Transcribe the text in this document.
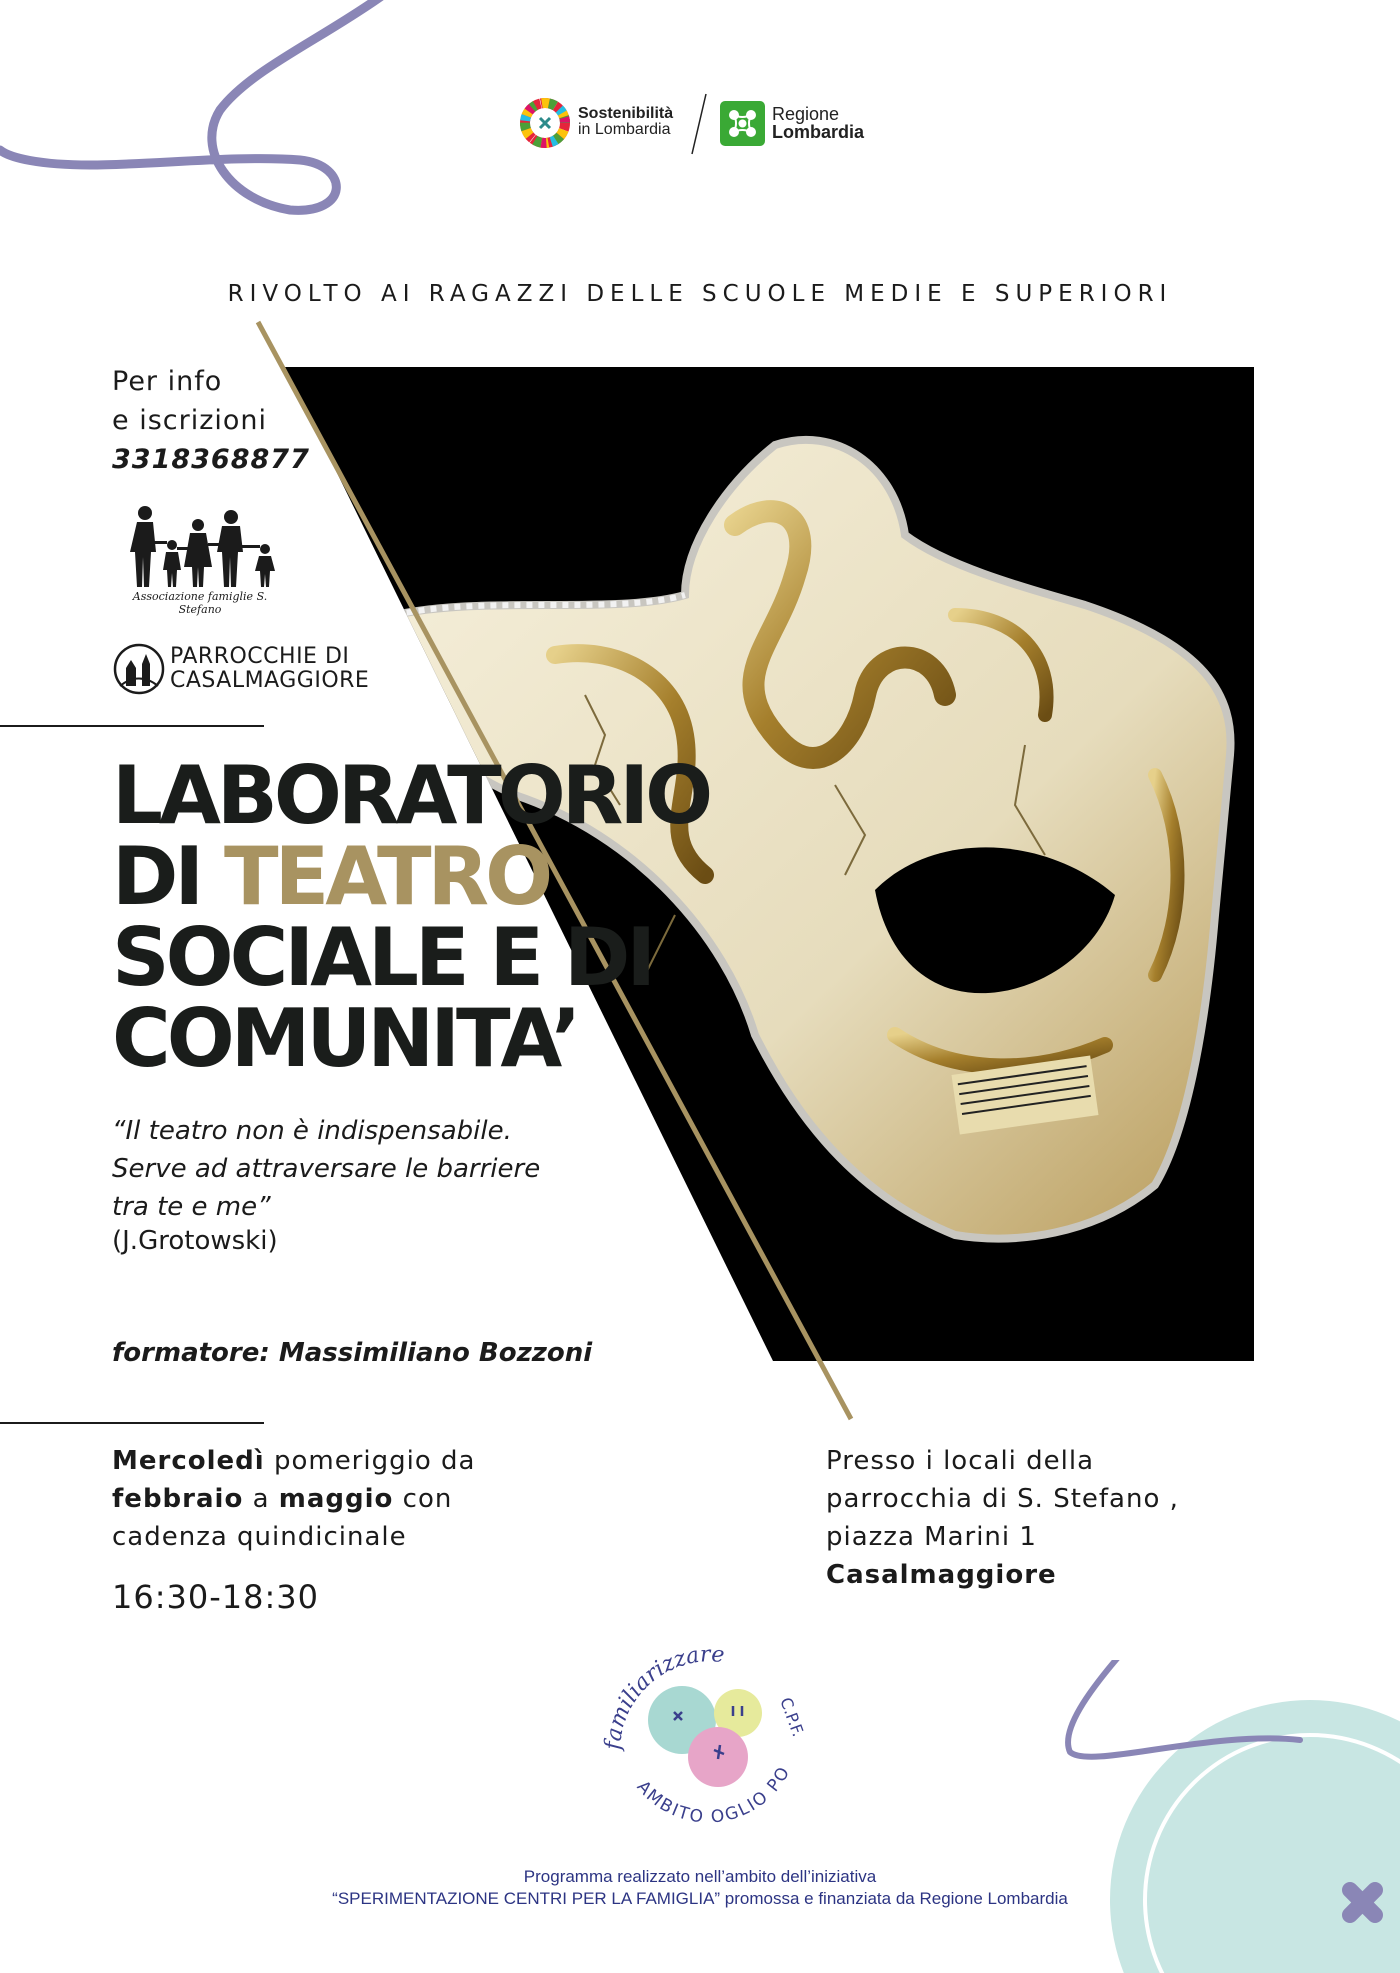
Sostenibilità
in Lombardia
Regione
Lombardia
RIVOLTO AI RAGAZZI DELLE SCUOLE MEDIE E SUPERIORI
Per info
e iscrizioni
3318368877
Associazione famiglie S. Stefano
PARROCCHIE DI
CASALMAGGIORE
LABORATORIO
DI TEATRO
SOCIALE E DI
COMUNITA’
“Il teatro non è indispensabile.
Serve ad attraversare le barriere
tra te e me”
(J.Grotowski)
formatore: Massimiliano Bozzoni
Mercoledì pomeriggio da
febbraio a maggio con
cadenza quindicinale
16:30-18:30
Presso i locali della
parrocchia di S. Stefano ,
piazza Marini 1
Casalmaggiore
familiarizzare
C.P.F.
AMBITO OGLIO PO
Programma realizzato nell’ambito dell’iniziativa
“SPERIMENTAZIONE CENTRI PER LA FAMIGLIA” promossa e finanziata da Regione Lombardia
